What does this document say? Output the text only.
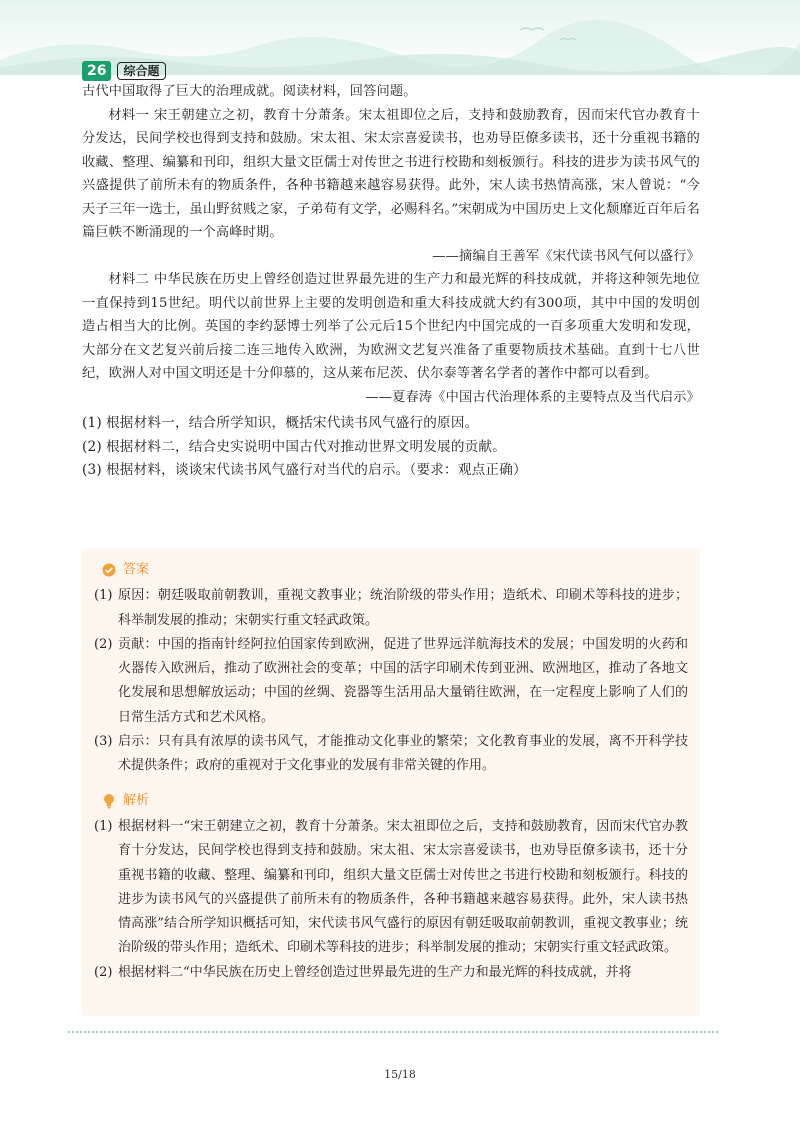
26	综合题

古代中国取得了巨大的治理成就。阅读材料，回答问题。

材料一 宋王朝建立之初，教育十分萧条。宋太祖即位之后，支持和鼓励教育，因而宋代官办教育十分发达，民间学校也得到支持和鼓励。宋太祖、宋太宗喜爱读书，也劝导臣僚多读书，还十分重视书籍的收藏、整理、编纂和刊印，组织大量文臣儒士对传世之书进行校勘和刻板颁行。科技的进步为读书风气的兴盛提供了前所未有的物质条件，各种书籍越来越容易获得。此外，宋人读书热情高涨，宋人曾说：“今天子三年一选士，虽山野贫贱之家，子弟苟有文学，必赐科名。”宋朝成为中国历史上文化颓靡近百年后名篇巨帙不断涌现的一个高峰时期。

——摘编自王善军《宋代读书风气何以盛行》

材料二 中华民族在历史上曾经创造过世界最先进的生产力和最光辉的科技成就，并将这种领先地位一直保持到15世纪。明代以前世界上主要的发明创造和重大科技成就大约有300项，其中中国的发明创造占相当大的比例。英国的李约瑟博士列举了公元后15个世纪内中国完成的一百多项重大发明和发现，大部分在文艺复兴前后接二连三地传入欧洲，为欧洲文艺复兴准备了重要物质技术基础。直到十七八世纪，欧洲人对中国文明还是十分仰慕的，这从莱布尼茨、伏尔泰等著名学者的著作中都可以看到。

——夏春涛《中国古代治理体系的主要特点及当代启示》

(1) 根据材料一，结合所学知识，概括宋代读书风气盛行的原因。
(2) 根据材料二，结合史实说明中国古代对推动世界文明发展的贡献。
(3) 根据材料，谈谈宋代读书风气盛行对当代的启示。（要求：观点正确）
答案
(1) 原因：朝廷吸取前朝教训，重视文教事业；统治阶级的带头作用；造纸术、印刷术等科技的进步；科举制发展的推动；宋朝实行重文轻武政策。
(2) 贡献：中国的指南针经阿拉伯国家传到欧洲，促进了世界远洋航海技术的发展；中国发明的火药和火器传入欧洲后，推动了欧洲社会的变革；中国的活字印刷术传到亚洲、欧洲地区，推动了各地文化发展和思想解放运动；中国的丝绸、瓷器等生活用品大量销往欧洲，在一定程度上影响了人们的日常生活方式和艺术风格。
(3) 启示：只有具有浓厚的读书风气，才能推动文化事业的繁荣；文化教育事业的发展，离不开科学技术提供条件；政府的重视对于文化事业的发展有非常关键的作用。
解析
(1) 根据材料一“宋王朝建立之初，教育十分萧条。宋太祖即位之后，支持和鼓励教育，因而宋代官办教育十分发达，民间学校也得到支持和鼓励。宋太祖、宋太宗喜爱读书，也劝导臣僚多读书，还十分重视书籍的收藏、整理、编纂和刊印，组织大量文臣儒士对传世之书进行校勘和刻板颁行。科技的进步为读书风气的兴盛提供了前所未有的物质条件，各种书籍越来越容易获得。此外，宋人读书热情高涨”结合所学知识概括可知，宋代读书风气盛行的原因有朝廷吸取前朝教训，重视文教事业；统治阶级的带头作用；造纸术、印刷术等科技的进步；科举制发展的推动；宋朝实行重文轻武政策。
(2) 根据材料二“中华民族在历史上曾经创造过世界最先进的生产力和最光辉的科技成就，并将
15/18
